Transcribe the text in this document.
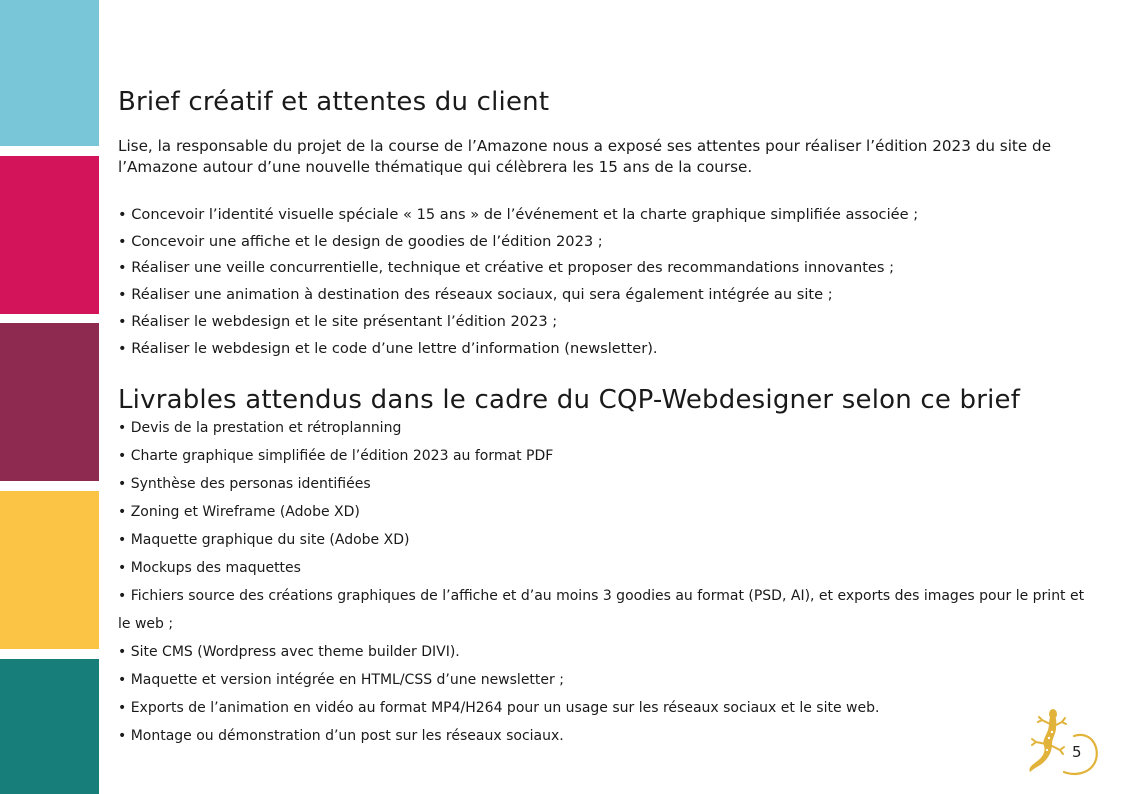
Brief créatif et attentes du client

Lise, la responsable du projet de la course de l’Amazone nous a exposé ses attentes pour réaliser l’édition 2023 du site de l’Amazone autour d’une nouvelle thématique qui célèbrera les 15 ans de la course.

• Concevoir l’identité visuelle spéciale « 15 ans » de l’événement et la charte graphique simplifiée associée ;
• Concevoir une affiche et le design de goodies de l’édition 2023 ;
• Réaliser une veille concurrentielle, technique et créative et proposer des recommandations innovantes ;
• Réaliser une animation à destination des réseaux sociaux, qui sera également intégrée au site ;
• Réaliser le webdesign et le site présentant l’édition 2023 ;
• Réaliser le webdesign et le code d’une lettre d’information (newsletter).
Livrables attendus dans le cadre du CQP-Webdesigner selon ce brief
• Devis de la prestation et rétroplanning
• Charte graphique simplifiée de l’édition 2023 au format PDF
• Synthèse des personas identifiées
• Zoning et Wireframe (Adobe XD)
• Maquette graphique du site (Adobe XD)
• Mockups des maquettes
• Fichiers source des créations graphiques de l’affiche et d’au moins 3 goodies au format (PSD, AI), et exports des images pour le print et le web ;
• Site CMS (Wordpress avec theme builder DIVI).
• Maquette et version intégrée en HTML/CSS d’une newsletter ;
• Exports de l’animation en vidéo au format MP4/H264 pour un usage sur les réseaux sociaux et le site web.
• Montage ou démonstration d’un post sur les réseaux sociaux.
5
